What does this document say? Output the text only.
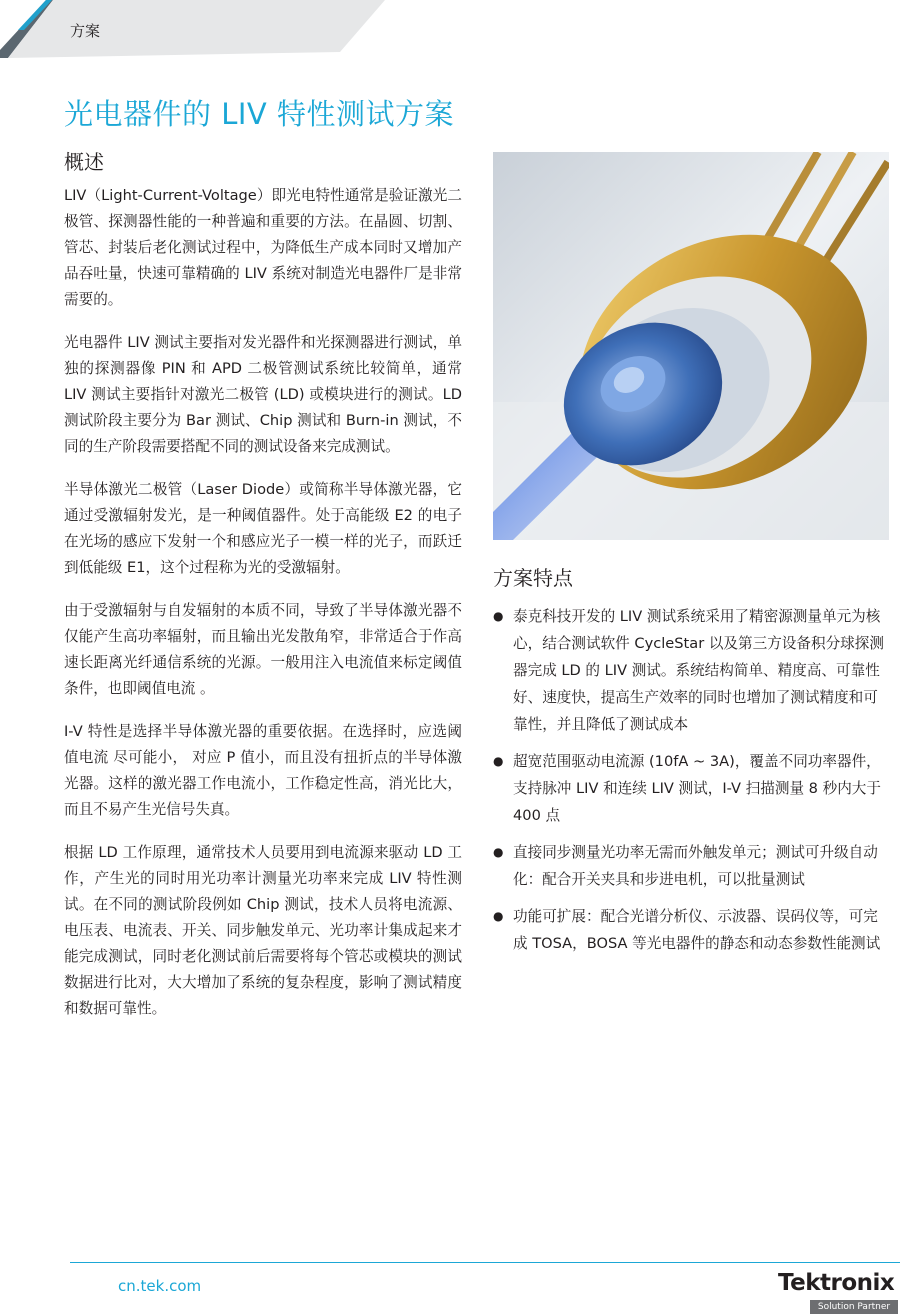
方案
光电器件的 LIV 特性测试方案
概述

LIV（Light-Current-Voltage）即光电特性通常是验证激光二极管、探测器性能的一种普遍和重要的方法。在晶圆、切割、管芯、封装后老化测试过程中，为降低生产成本同时又增加产品吞吐量，快速可靠精确的 LIV 系统对制造光电器件厂是非常需要的。

光电器件 LIV 测试主要指对发光器件和光探测器进行测试，单独的探测器像 PIN 和 APD 二极管测试系统比较简单，通常 LIV 测试主要指针对激光二极管 (LD) 或模块进行的测试。LD 测试阶段主要分为 Bar 测试、Chip 测试和 Burn-in 测试，不同的生产阶段需要搭配不同的测试设备来完成测试。

半导体激光二极管（Laser Diode）或简称半导体激光器，它通过受激辐射发光，是一种阈值器件。处于高能级 E2 的电子在光场的感应下发射一个和感应光子一模一样的光子，而跃迁到低能级 E1，这个过程称为光的受激辐射。

由于受激辐射与自发辐射的本质不同，导致了半导体激光器不仅能产生高功率辐射，而且输出光发散角窄，非常适合于作高速长距离光纤通信系统的光源。一般用注入电流值来标定阈值条件，也即阈值电流 。

I-V 特性是选择半导体激光器的重要依据。在选择时，应选阈值电流 尽可能小， 对应 P 值小，而且没有扭折点的半导体激光器。这样的激光器工作电流小，工作稳定性高，消光比大，而且不易产生光信号失真。

根据 LD 工作原理，通常技术人员要用到电流源来驱动 LD 工作，产生光的同时用光功率计测量光功率来完成 LIV 特性测试。在不同的测试阶段例如 Chip 测试，技术人员将电流源、电压表、电流表、开关、同步触发单元、光功率计集成起来才能完成测试，同时老化测试前后需要将每个管芯或模块的测试数据进行比对，大大增加了系统的复杂程度，影响了测试精度和数据可靠性。

方案特点
● 泰克科技开发的 LIV 测试系统采用了精密源测量单元为核心，结合测试软件 CycleStar 以及第三方设备积分球探测器完成 LD 的 LIV 测试。系统结构简单、精度高、可靠性好、速度快，提高生产效率的同时也增加了测试精度和可靠性，并且降低了测试成本
● 超宽范围驱动电流源 (10fA ~ 3A)，覆盖不同功率器件，支持脉冲 LIV 和连续 LIV 测试，I-V 扫描测量 8 秒内大于 400 点
● 直接同步测量光功率无需而外触发单元；测试可升级自动化：配合开关夹具和步进电机，可以批量测试
● 功能可扩展：配合光谱分析仪、示波器、误码仪等，可完成 TOSA，BOSA 等光电器件的静态和动态参数性能测试
cn.tek.com	Tektronix
Solution Partner
